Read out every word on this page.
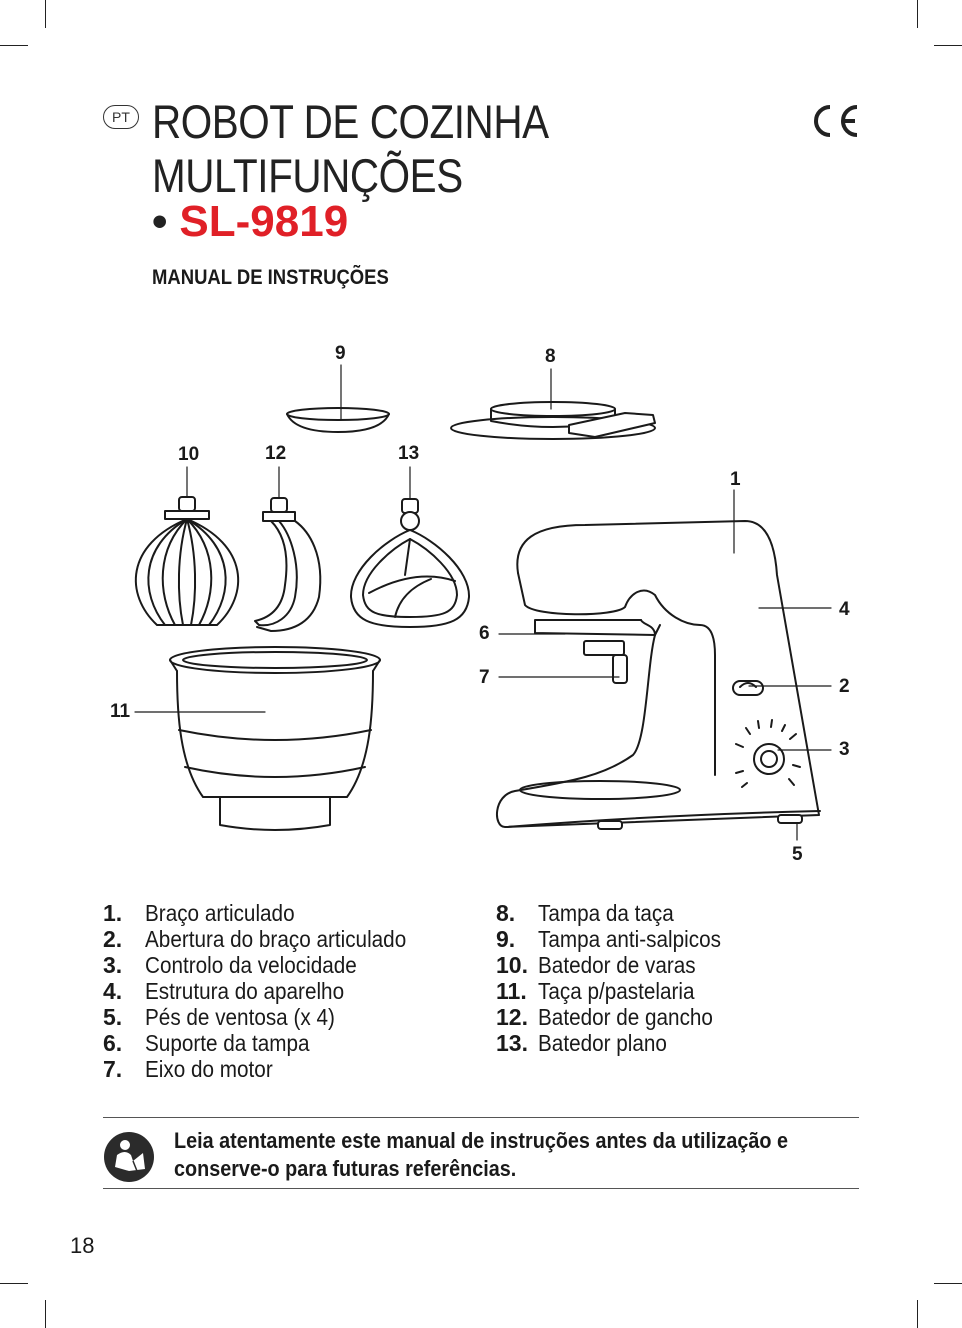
PT ROBOT DE COZINHA
MULTIFUNÇÕES
• SL-9819
MANUAL DE INSTRUÇÕES
9	8
10	12	13
1
4
6
7	2
3
5
11
1. Braço articulado
2. Abertura do braço articulado
3. Controlo da velocidade
4. Estrutura do aparelho
5. Pés de ventosa (x 4)
6. Suporte da tampa
7. Eixo do motor
8. Tampa da taça
9. Tampa anti-salpicos
10. Batedor de varas
11. Taça p/pastelaria
12. Batedor de gancho
13. Batedor plano
Leia atentamente este manual de instruções antes da utilização e conserve-o para futuras referências.
18
